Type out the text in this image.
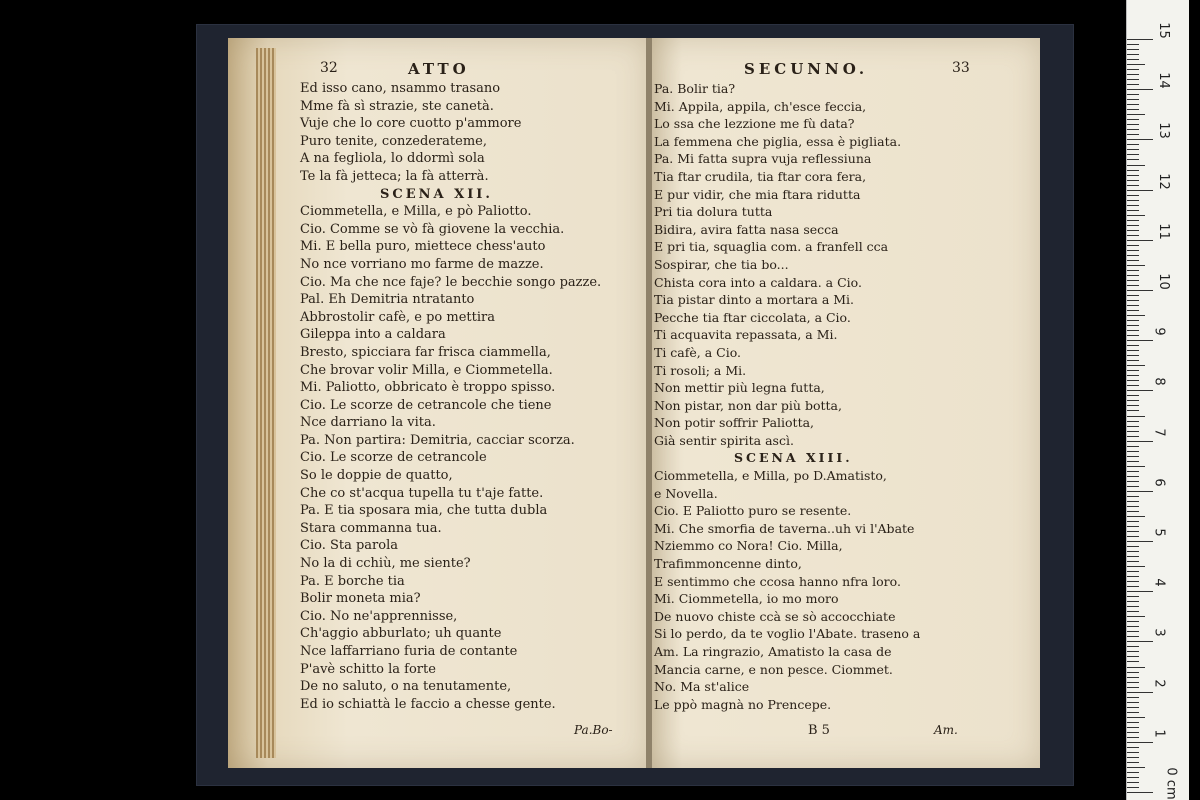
32	ATTO
Ed isso cano, nsammo trasano
Mme fà sì strazie, ste canetà.
Vuje che lo core cuotto p'ammore
Puro tenite, conzederateme,
A na fegliola, lo ddormì sola
Te la fà jetteca; la fà atterrà.
SCENA XII.
Ciommetella, e Milla, e pò Paliotto.
Cio. Comme se vò fà giovene la vecchia.
Mi. E bella puro, miettece chess'auto
No nce vorriano mo farme de mazze.
Cio. Ma che nce faje? le becchie songo pazze.
Pal. Eh Demitria ntratanto
Abbrostolir cafè, e po mettira
Gileppa into a caldara
Bresto, spicciara far frisca ciammella,
Che brovar volir Milla, e Ciommetella.
Mi. Paliotto, obbricato è troppo spisso.
Cio. Le scorze de cetrancole che tiene
Nce darriano la vita.
Pa. Non partira: Demitria, cacciar scorza.
Cio. Le scorze de cetrancole
So le doppie de quatto,
Che co st'acqua tupella tu t'aje fatte.
Pa. E tia sposara mia, che tutta dubla
Stara commanna tua.
Cio. Sta parola
No la di cchiù, me siente?
Pa. E borche tia
Bolir moneta mia?
Cio. No ne'apprennisse,
Ch'aggio abburlato; uh quante
Nce laffarriano furia de contante
P'avè schitto la forte
De no saluto, o na tenutamente,
Ed io schiattà le faccio a chesse gente.
Pa.Bo-
SECUNNO.	33
Pa. Bolir tia?
Mi. Appila, appila, ch'esce feccia,
Lo ssa che lezzione me fù data?
La femmena che piglia, essa è pigliata.
Pa. Mi fatta supra vuja reflessiuna
Tia ftar crudila, tia ftar cora fera,
E pur vidir, che mia ftara ridutta
Pri tia dolura tutta
Bidira, avira fatta nasa secca
E pri tia, squaglia com. a franfell cca
Sospirar, che tia bo...
Chista cora into a caldara. a Cio.
Tia pistar dinto a mortara a Mi.
Pecche tia ftar ciccolata, a Cio.
Ti acquavita repassata, a Mi.
Ti cafè, a Cio.
Ti rosoli; a Mi.
Non mettir più legna futta,
Non pistar, non dar più botta,
Non potir soffrir Paliotta,
Già sentir spirita ascì.
SCENA XIII.
Ciommetella, e Milla, po D.Amatisto,
e Novella.
Cio. E Paliotto puro se resente.
Mi. Che smorfia de taverna..uh vi l'Abate
Nziemmo co Nora! Cio. Milla,
Trafimmoncenne dinto,
E sentimmo che ccosa hanno nfra loro.
Mi. Ciommetella, io mo moro
De nuovo chiste ccà se sò accocchiate
Si lo perdo, da te voglio l'Abate. traseno a
Am. La ringrazio, Amatisto la casa de
Mancia carne, e non pesce. Ciommet.
No. Ma st'alice
Le ppò magnà no Prencepe.
B 5	Am.
15
14
13
12
11
10
9
8
7
6
5
4
3
2
1
0 cm
